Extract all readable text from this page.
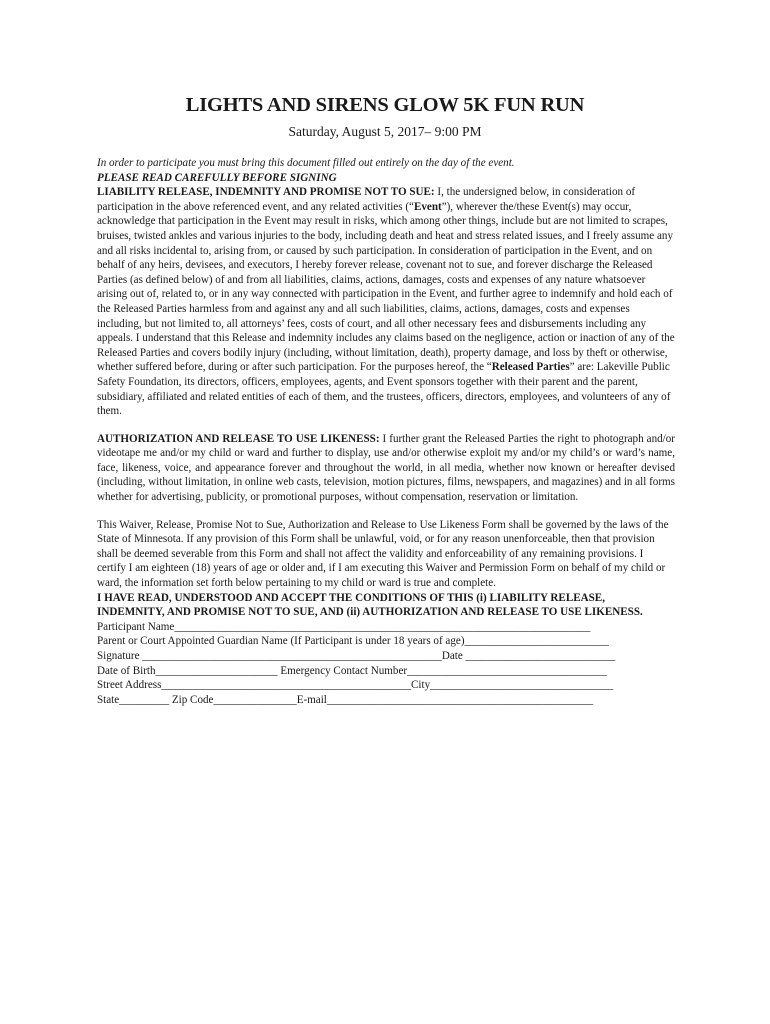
LIGHTS AND SIRENS GLOW 5K FUN RUN
Saturday, August 5, 2017– 9:00 PM

In order to participate you must bring this document filled out entirely on the day of the event.

PLEASE READ CAREFULLY BEFORE SIGNING

LIABILITY RELEASE, INDEMNITY AND PROMISE NOT TO SUE: I, the undersigned below, in consideration of participation in the above referenced event, and any related activities (“Event”), wherever the/these Event(s) may occur, acknowledge that participation in the Event may result in risks, which among other things, include but are not limited to scrapes, bruises, twisted ankles and various injuries to the body, including death and heat and stress related issues, and I freely assume any and all risks incidental to, arising from, or caused by such participation. In consideration of participation in the Event, and on behalf of any heirs, devisees, and executors, I hereby forever release, covenant not to sue, and forever discharge the Released Parties (as defined below) of and from all liabilities, claims, actions, damages, costs and expenses of any nature whatsoever arising out of, related to, or in any way connected with participation in the Event, and further agree to indemnify and hold each of the Released Parties harmless from and against any and all such liabilities, claims, actions, damages, costs and expenses including, but not limited to, all attorneys’ fees, costs of court, and all other necessary fees and disbursements including any appeals. I understand that this Release and indemnity includes any claims based on the negligence, action or inaction of any of the Released Parties and covers bodily injury (including, without limitation, death), property damage, and loss by theft or otherwise, whether suffered before, during or after such participation. For the purposes hereof, the “Released Parties” are: Lakeville Public Safety Foundation, its directors, officers, employees, agents, and Event sponsors together with their parent and the parent, subsidiary, affiliated and related entities of each of them, and the trustees, officers, directors, employees, and volunteers of any of them.

AUTHORIZATION AND RELEASE TO USE LIKENESS: I further grant the Released Parties the right to photograph and/or videotape me and/or my child or ward and further to display, use and/or otherwise exploit my and/or my child’s or ward’s name, face, likeness, voice, and appearance forever and throughout the world, in all media, whether now known or hereafter devised (including, without limitation, in online web casts, television, motion pictures, films, newspapers, and magazines) and in all forms whether for advertising, publicity, or promotional purposes, without compensation, reservation or limitation.

This Waiver, Release, Promise Not to Sue, Authorization and Release to Use Likeness Form shall be governed by the laws of the State of Minnesota. If any provision of this Form shall be unlawful, void, or for any reason unenforceable, then that provision shall be deemed severable from this Form and shall not affect the validity and enforceability of any remaining provisions. I certify I am eighteen (18) years of age or older and, if I am executing this Waiver and Permission Form on behalf of my child or ward, the information set forth below pertaining to my child or ward is true and complete.

I HAVE READ, UNDERSTOOD AND ACCEPT THE CONDITIONS OF THIS (i) LIABILITY RELEASE, INDEMNITY, AND PROMISE NOT TO SUE, AND (ii) AUTHORIZATION AND RELEASE TO USE LIKENESS.

Participant Name___________________________________________________________________________
Parent or Court Appointed Guardian Name (If Participant is under 18 years of age)__________________________
Signature ______________________________________________________Date ___________________________
Date of Birth______________________ Emergency Contact Number____________________________________
Street Address_____________________________________________City_________________________________
State_________ Zip Code_______________E-mail________________________________________________
